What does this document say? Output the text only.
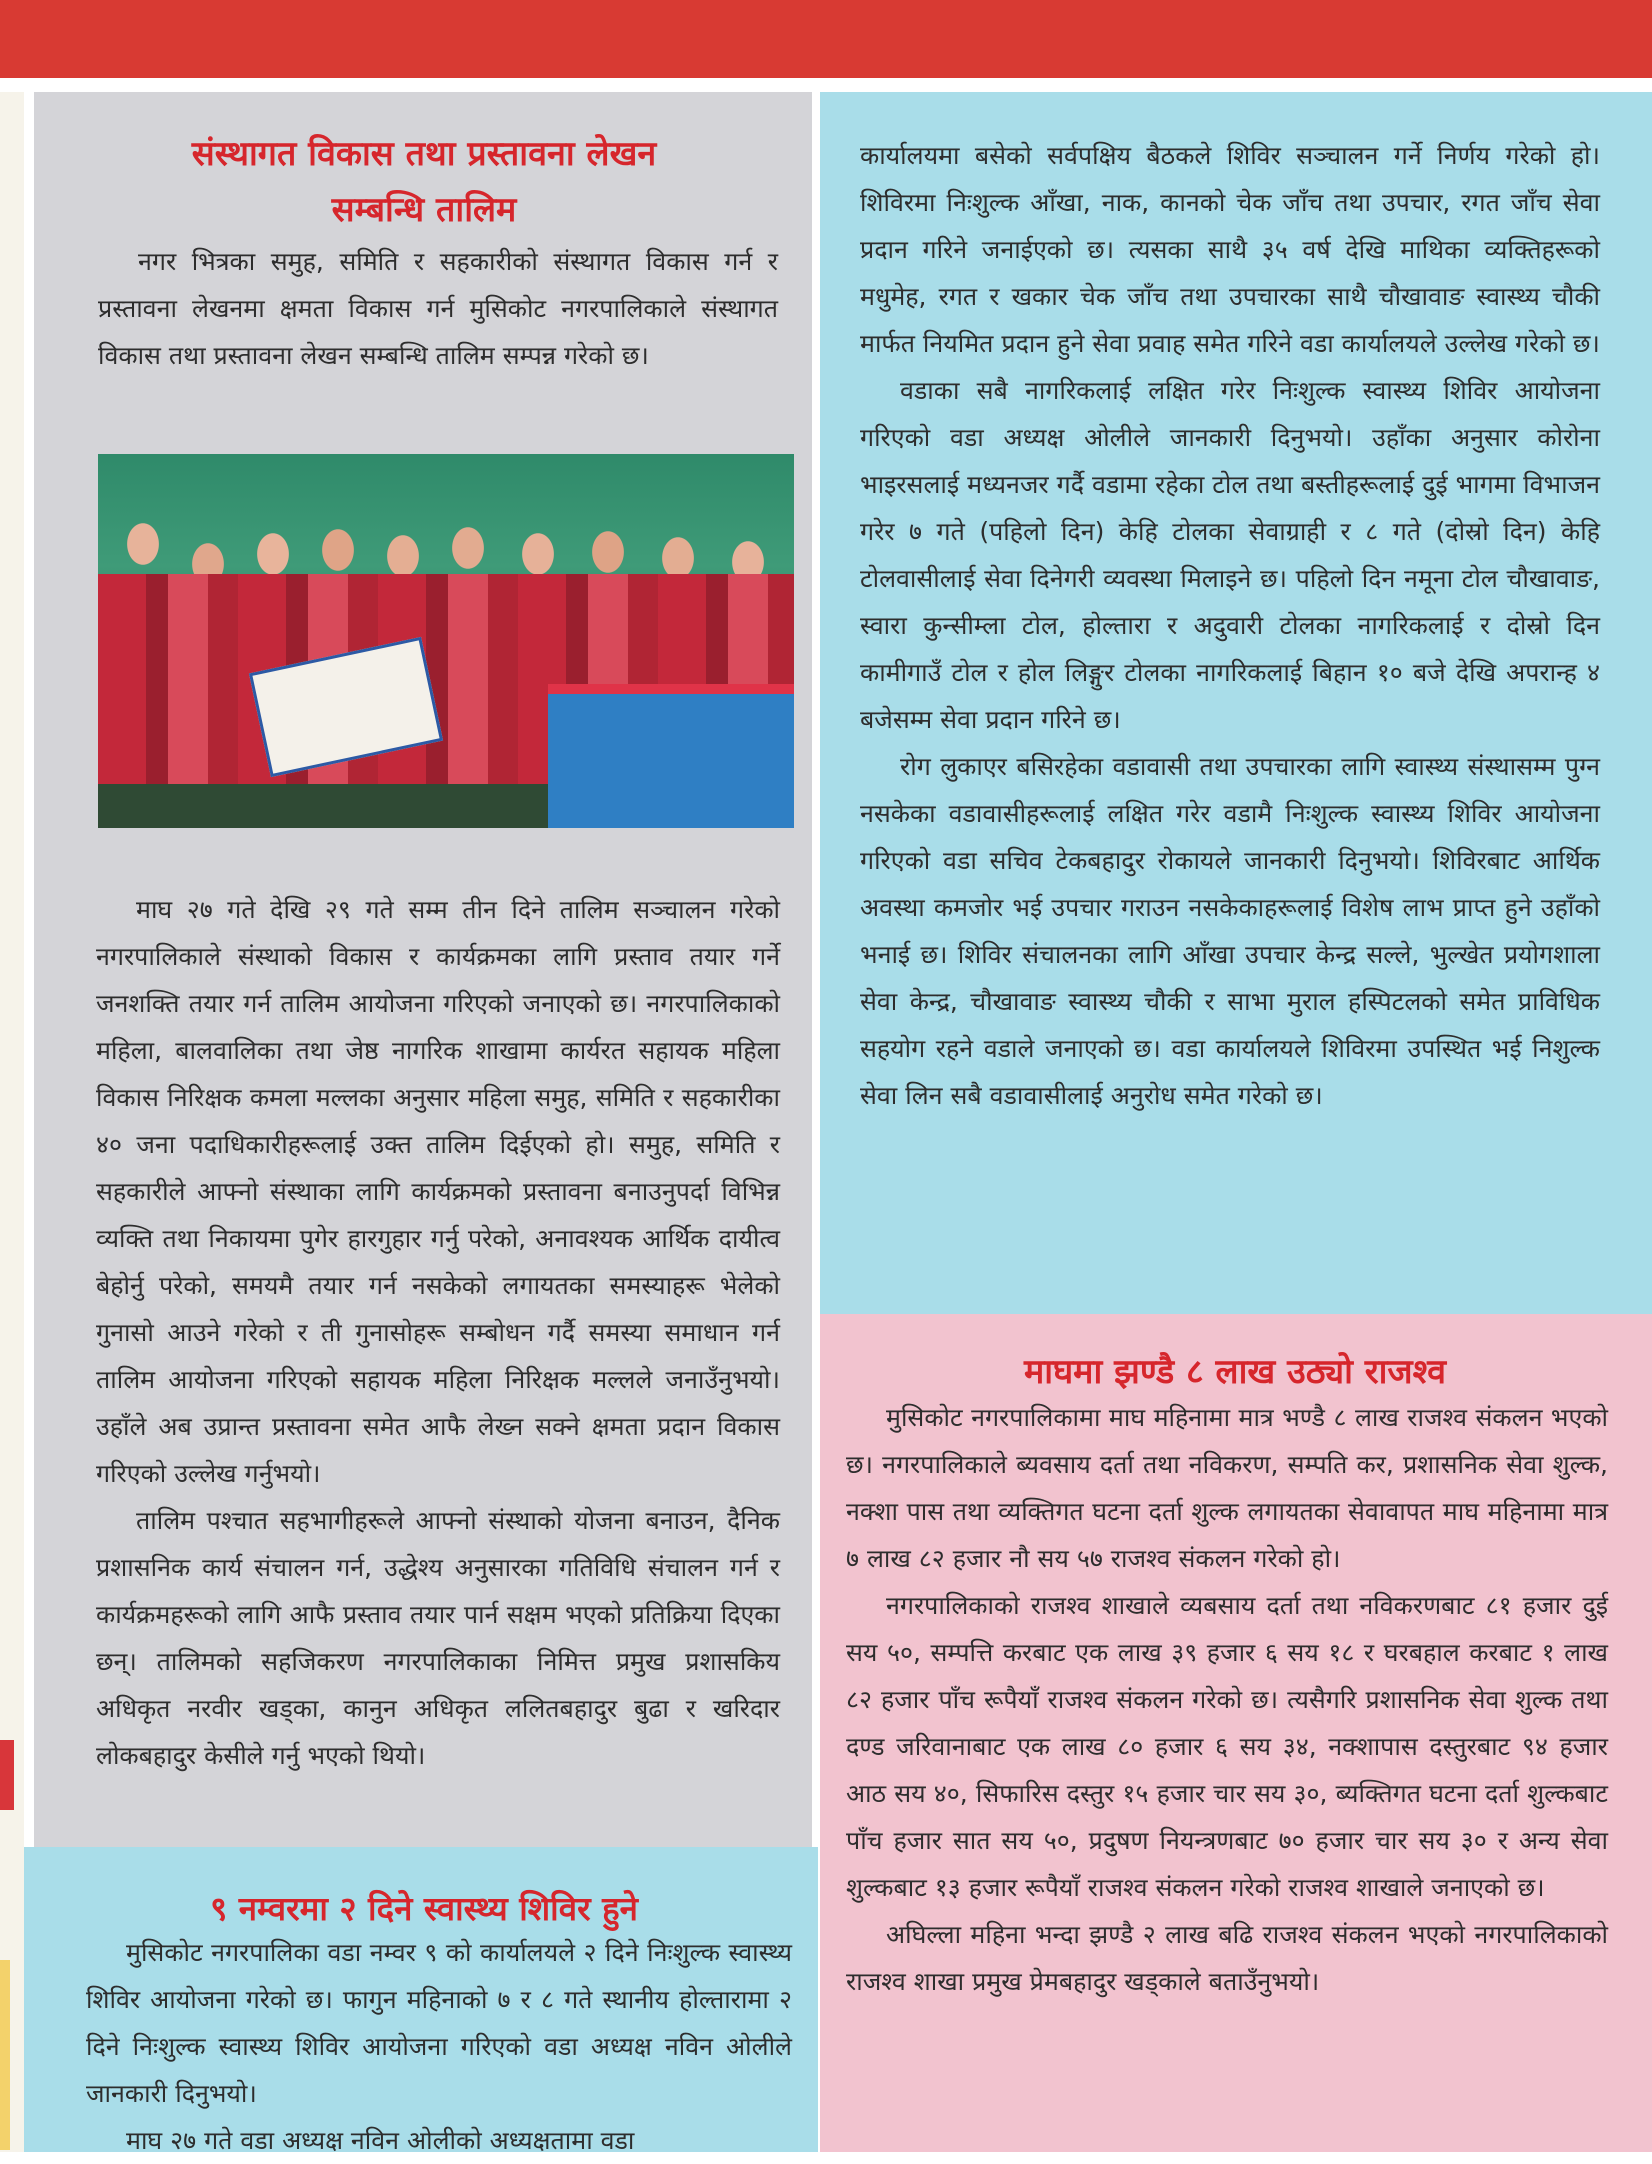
संस्थागत विकास तथा प्रस्तावना लेखन
सम्बन्धि तालिम

नगर भित्रका समुह, समिति र सहकारीको संस्थागत विकास गर्न र प्रस्तावना लेखनमा क्षमता विकास गर्न मुसिकोट नगरपालिकाले संस्थागत विकास तथा प्रस्तावना लेखन सम्बन्धि तालिम सम्पन्न गरेको छ।

माघ २७ गते देखि २९ गते सम्म तीन दिने तालिम सञ्चालन गरेको नगरपालिकाले संस्थाको विकास र कार्यक्रमका लागि प्रस्ताव तयार गर्ने जनशक्ति तयार गर्न तालिम आयोजना गरिएको जनाएको छ। नगरपालिकाको महिला, बालवालिका तथा जेष्ठ नागरिक शाखामा कार्यरत सहायक महिला विकास निरिक्षक कमला मल्लका अनुसार महिला समुह, समिति र सहकारीका ४० जना पदाधिकारीहरूलाई उक्त तालिम दिईएको हो। समुह, समिति र सहकारीले आफ्नो संस्थाका लागि कार्यक्रमको प्रस्तावना बनाउनुपर्दा विभिन्न व्यक्ति तथा निकायमा पुगेर हारगुहार गर्नु परेको, अनावश्यक आर्थिक दायीत्व बेहोर्नु परेको, समयमै तयार गर्न नसकेको लगायतका समस्याहरू भेलेको गुनासो आउने गरेको र ती गुनासोहरू सम्बोधन गर्दै समस्या समाधान गर्न तालिम आयोजना गरिएको सहायक महिला निरिक्षक मल्लले जनाउँनुभयो। उहाँले अब उप्रान्त प्रस्तावना समेत आफै लेख्न सक्ने क्षमता प्रदान विकास गरिएको उल्लेख गर्नुभयो।

तालिम पश्चात सहभागीहरूले आफ्नो संस्थाको योजना बनाउन, दैनिक प्रशासनिक कार्य संचालन गर्न, उद्धेश्य अनुसारका गतिविधि संचालन गर्न र कार्यक्रमहरूको लागि आफै प्रस्ताव तयार पार्न सक्षम भएको प्रतिक्रिया दिएका छन्। तालिमको सहजिकरण नगरपालिकाका निमित्त प्रमुख प्रशासकिय अधिकृत नरवीर खड्का, कानुन अधिकृत ललितबहादुर बुढा र खरिदार लोकबहादुर केसीले गर्नु भएको थियो।

कार्यालयमा बसेको सर्वपक्षिय बैठकले शिविर सञ्चालन गर्ने निर्णय गरेको हो। शिविरमा निःशुल्क आँखा, नाक, कानको चेक जाँच तथा उपचार, रगत जाँच सेवा प्रदान गरिने जनाईएको छ। त्यसका साथै ३५ वर्ष देखि माथिका व्यक्तिहरूको मधुमेह, रगत र खकार चेक जाँच तथा उपचारका साथै चौखावाङ स्वास्थ्य चौकी मार्फत नियमित प्रदान हुने सेवा प्रवाह समेत गरिने वडा कार्यालयले उल्लेख गरेको छ।

वडाका सबै नागरिकलाई लक्षित गरेर निःशुल्क स्वास्थ्य शिविर आयोजना गरिएको वडा अध्यक्ष ओलीले जानकारी दिनुभयो। उहाँका अनुसार कोरोना भाइरसलाई मध्यनजर गर्दै वडामा रहेका टोल तथा बस्तीहरूलाई दुई भागमा विभाजन गरेर ७ गते (पहिलो दिन) केहि टोलका सेवाग्राही र ८ गते (दोस्रो दिन) केहि टोलवासीलाई सेवा दिनेगरी व्यवस्था मिलाइने छ। पहिलो दिन नमूना टोल चौखावाङ, स्वारा कुन्सीम्ला टोल, होल्तारा र अदुवारी टोलका नागरिकलाई र दोस्रो दिन कामीगाउँ टोल र होल लिङ्गुर टोलका नागरिकलाई बिहान १० बजे देखि अपरान्ह ४ बजेसम्म सेवा प्रदान गरिने छ।

रोग लुकाएर बसिरहेका वडावासी तथा उपचारका लागि स्वास्थ्य संस्थासम्म पुग्न नसकेका वडावासीहरूलाई लक्षित गरेर वडामै निःशुल्क स्वास्थ्य शिविर आयोजना गरिएको वडा सचिव टेकबहादुर रोकायले जानकारी दिनुभयो। शिविरबाट आर्थिक अवस्था कमजोर भई उपचार गराउन नसकेकाहरूलाई विशेष लाभ प्राप्त हुने उहाँको भनाई छ। शिविर संचालनका लागि आँखा उपचार केन्द्र सल्ले, भुल्खेत प्रयोगशाला सेवा केन्द्र, चौखावाङ स्वास्थ्य चौकी र साभा मुराल हस्पिटलको समेत प्राविधिक सहयोग रहने वडाले जनाएको छ। वडा कार्यालयले शिविरमा उपस्थित भई निशुल्क सेवा लिन सबै वडावासीलाई अनुरोध समेत गरेको छ।

माघमा झण्डै ८ लाख उठ्यो राजश्व

मुसिकोट नगरपालिकामा माघ महिनामा मात्र भण्डै ८ लाख राजश्व संकलन भएको छ। नगरपालिकाले ब्यवसाय दर्ता तथा नविकरण, सम्पति कर, प्रशासनिक सेवा शुल्क, नक्शा पास तथा व्यक्तिगत घटना दर्ता शुल्क लगायतका सेवावापत माघ महिनामा मात्र ७ लाख ८२ हजार नौ सय ५७ राजश्व संकलन गरेको हो।

नगरपालिकाको राजश्व शाखाले व्यबसाय दर्ता तथा नविकरणबाट ८१ हजार दुई सय ५०, सम्पत्ति करबाट एक लाख ३९ हजार ६ सय १८ र घरबहाल करबाट १ लाख ८२ हजार पाँच रूपैयाँ राजश्व संकलन गरेको छ। त्यसैगरि प्रशासनिक सेवा शुल्क तथा दण्ड जरिवानाबाट एक लाख ८० हजार ६ सय ३४, नक्शापास दस्तुरबाट ९४ हजार आठ सय ४०, सिफारिस दस्तुर १५ हजार चार सय ३०, ब्यक्तिगत घटना दर्ता शुल्कबाट पाँच हजार सात सय ५०, प्रदुषण नियन्त्रणबाट ७० हजार चार सय ३० र अन्य सेवा शुल्कबाट १३ हजार रूपैयाँ राजश्व संकलन गरेको राजश्व शाखाले जनाएको छ।

अघिल्ला महिना भन्दा झण्डै २ लाख बढि राजश्व संकलन भएको नगरपालिकाको राजश्व शाखा प्रमुख प्रेमबहादुर खड्काले बताउँनुभयो।

९ नम्वरमा २ दिने स्वास्थ्य शिविर हुने

मुसिकोट नगरपालिका वडा नम्वर ९ को कार्यालयले २ दिने निःशुल्क स्वास्थ्य शिविर आयोजना गरेको छ। फागुन महिनाको ७ र ८ गते स्थानीय होल्तारामा २ दिने निःशुल्क स्वास्थ्य शिविर आयोजना गरिएको वडा अध्यक्ष नविन ओलीले जानकारी दिनुभयो।

माघ २७ गते वडा अध्यक्ष नविन ओलीको अध्यक्षतामा वडा
